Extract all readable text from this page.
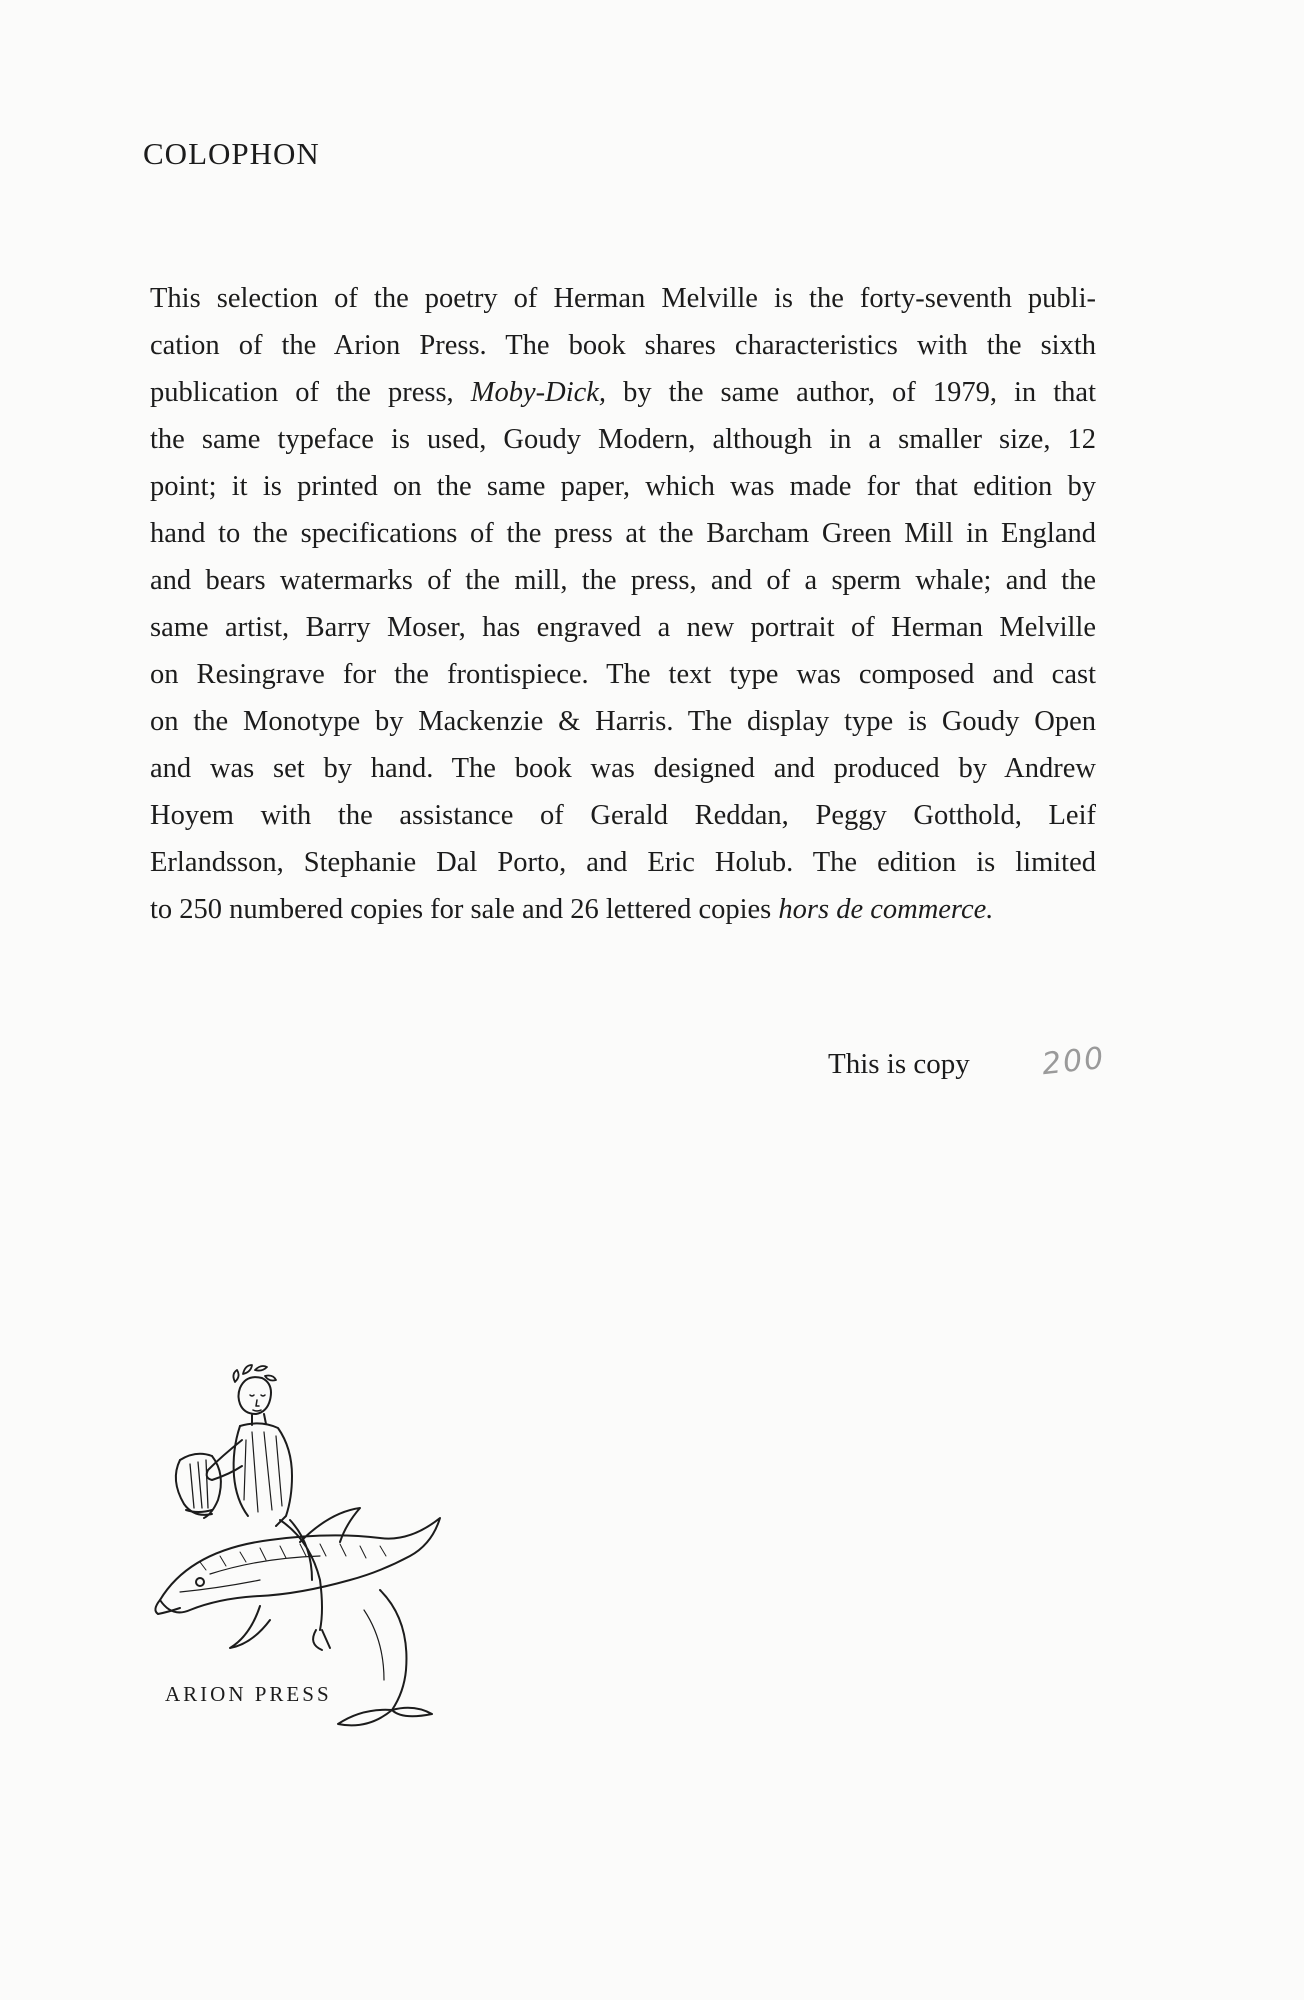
COLOPHON
This selection of the poetry of Herman Melville is the forty-seventh publi-
cation of the Arion Press. The book shares characteristics with the sixth
publication of the press, Moby-Dick, by the same author, of 1979, in that
the same typeface is used, Goudy Modern, although in a smaller size, 12
point; it is printed on the same paper, which was made for that edition by
hand to the specifications of the press at the Barcham Green Mill in England
and bears watermarks of the mill, the press, and of a sperm whale; and the
same artist, Barry Moser, has engraved a new portrait of Herman Melville
on Resingrave for the frontispiece. The text type was composed and cast
on the Monotype by Mackenzie & Harris. The display type is Goudy Open
and was set by hand. The book was designed and produced by Andrew
Hoyem with the assistance of Gerald Reddan, Peggy Gotthold, Leif
Erlandsson, Stephanie Dal Porto, and Eric Holub. The edition is limited
to 250 numbered copies for sale and 26 lettered copies hors de commerce.
This is copy 200
ARION PRESS
